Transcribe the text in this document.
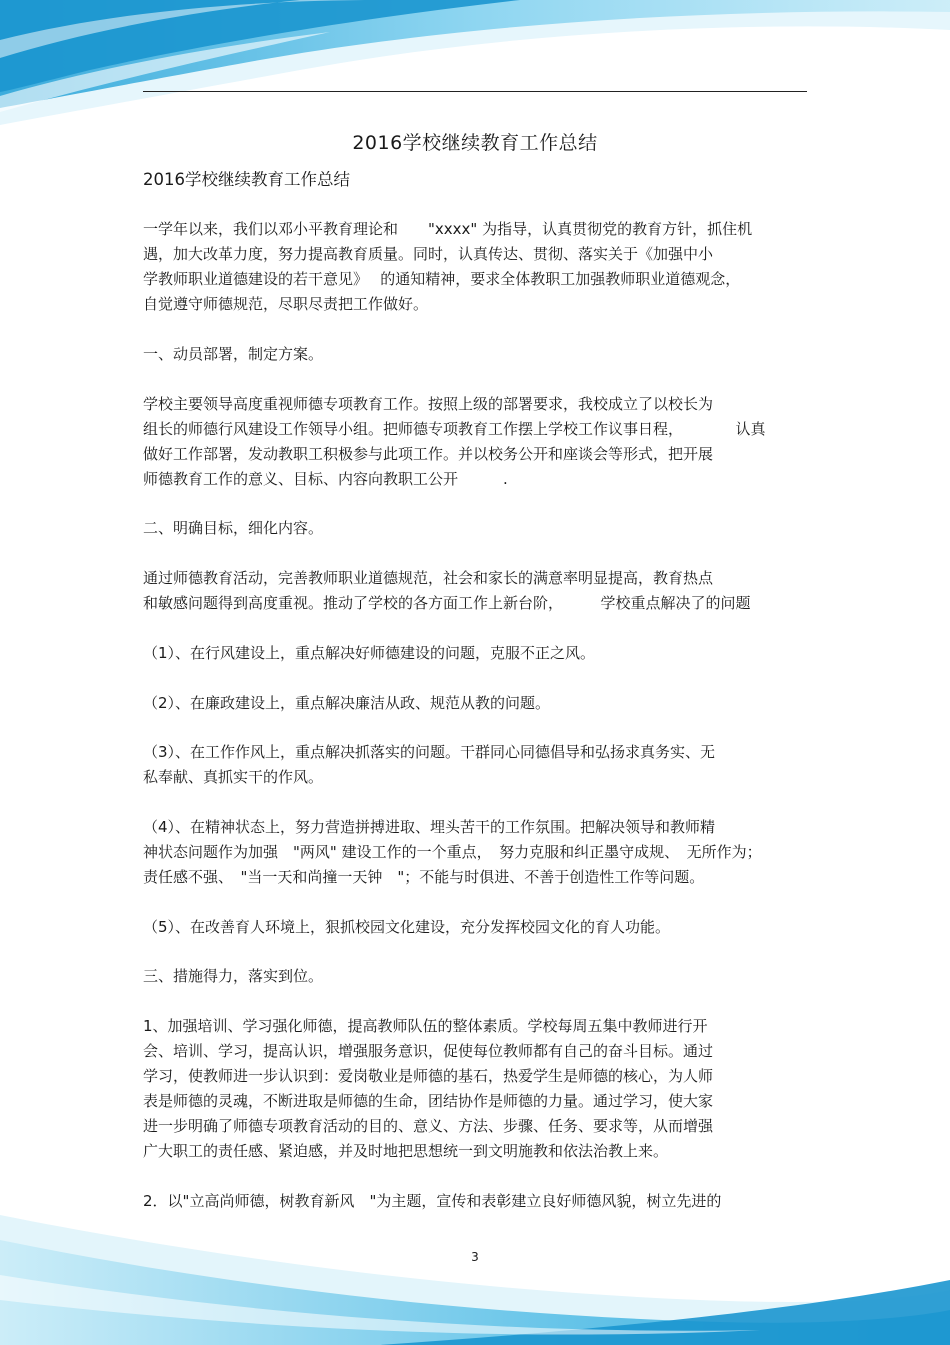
2016学校继续教育工作总结
2016学校继续教育工作总结
一学年以来，我们以邓小平教育理论和　　"xxxx" 为指导，认真贯彻党的教育方针，抓住机
遇，加大改革力度，努力提高教育质量。同时，认真传达、贯彻、落实关于《加强中小
学教师职业道德建设的若干意见》　 的通知精神，要求全体教职工加强教师职业道德观念，
自觉遵守师德规范，尽职尽责把工作做好。
一、动员部署，制定方案。
学校主要领导高度重视师德专项教育工作。按照上级的部署要求，我校成立了以校长为
组长的师德行风建设工作领导小组。把师德专项教育工作摆上学校工作议事日程，　　　　认真
做好工作部署，发动教职工积极参与此项工作。并以校务公开和座谈会等形式，把开展
师德教育工作的意义、目标、内容向教职工公开　　　.
二、明确目标，细化内容。
通过师德教育活动，完善教师职业道德规范，社会和家长的满意率明显提高，教育热点
和敏感问题得到高度重视。推动了学校的各方面工作上新台阶，　　　学校重点解决了的问题
（1）、在行风建设上，重点解决好师德建设的问题，克服不正之风。
（2）、在廉政建设上，重点解决廉洁从政、规范从教的问题。
（3）、在工作作风上，重点解决抓落实的问题。干群同心同德倡导和弘扬求真务实、无
私奉献、真抓实干的作风。
（4）、在精神状态上，努力营造拼搏进取、埋头苦干的工作氛围。把解决领导和教师精
神状态问题作为加强　"两风" 建设工作的一个重点，　努力克服和纠正墨守成规、　无所作为；
责任感不强、　"当一天和尚撞一天钟　"；不能与时俱进、不善于创造性工作等问题。
（5）、在改善育人环境上，狠抓校园文化建设，充分发挥校园文化的育人功能。
三、措施得力，落实到位。
1、加强培训、学习强化师德，提高教师队伍的整体素质。学校每周五集中教师进行开
会、培训、学习，提高认识，增强服务意识，促使每位教师都有自己的奋斗目标。通过
学习，使教师进一步认识到：爱岗敬业是师德的基石，热爱学生是师德的核心，为人师
表是师德的灵魂，不断进取是师德的生命，团结协作是师德的力量。通过学习，使大家
进一步明确了师德专项教育活动的目的、意义、方法、步骤、任务、要求等，从而增强
广大职工的责任感、紧迫感，并及时地把思想统一到文明施教和依法治教上来。
2．以"立高尚师德，树教育新风　"为主题，宣传和表彰建立良好师德风貌，树立先进的
3
